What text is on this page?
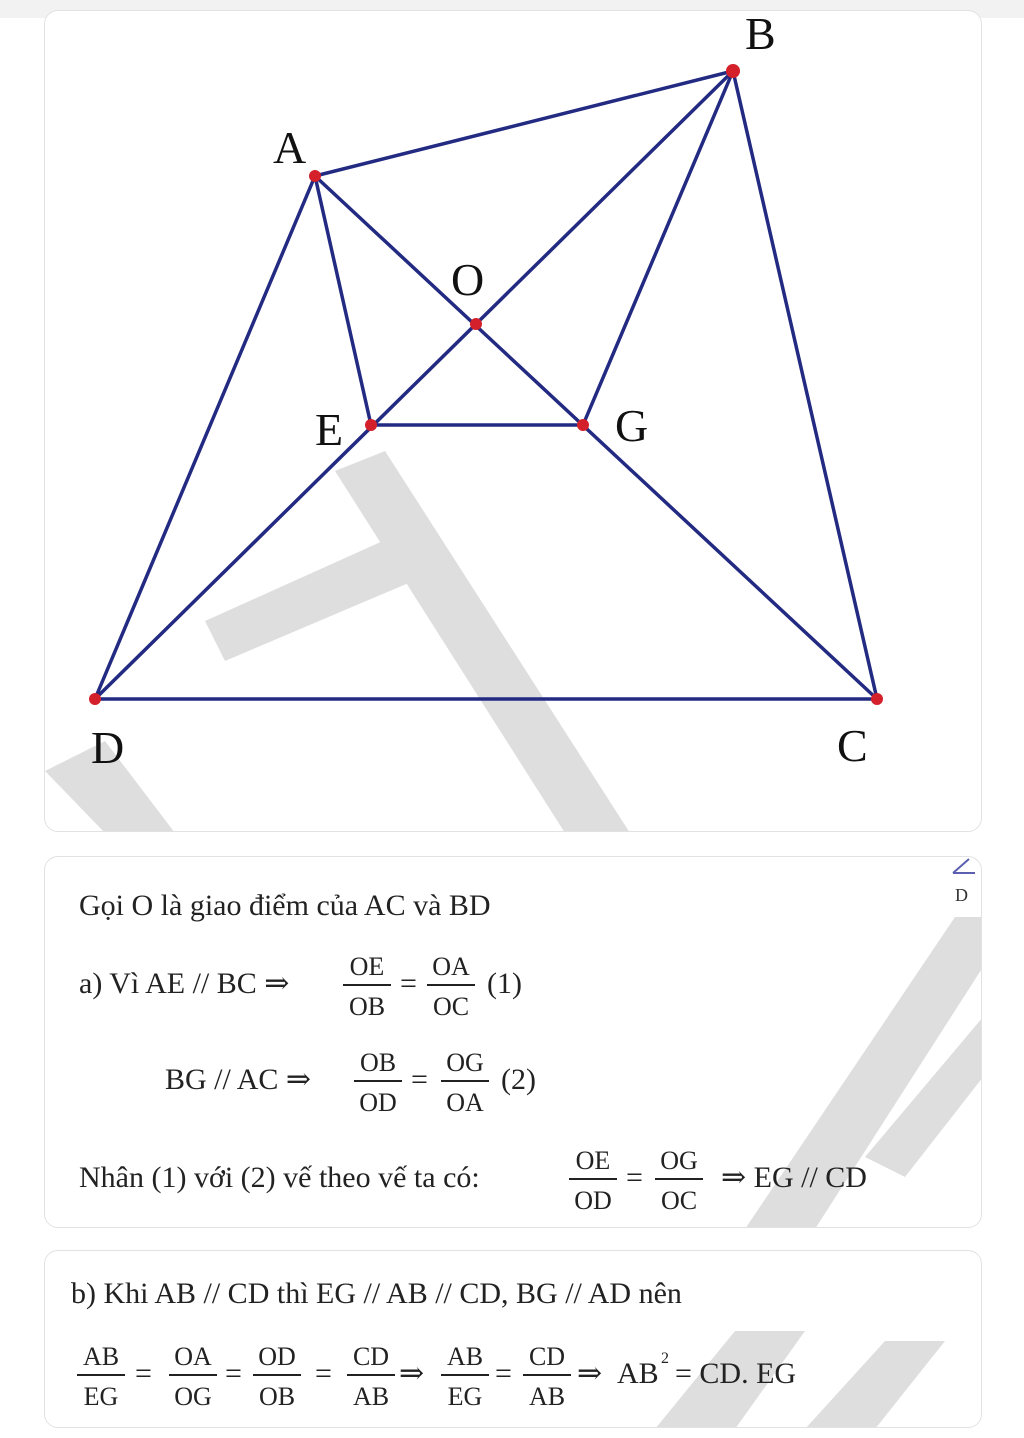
A
B
C
D
E	G
O
D
Gọi O là giao điểm của AC và BD
a) Vì AE // BC ⇒
OE
OB
=
OA
OC
(1)
BG // AC ⇒
OB
OD
=
OG
OA
(2)
Nhân (1) với (2) vế theo vế ta có:
OE
OD
=
OG
OC
⇒ EG // CD
b) Khi AB // CD thì EG // AB // CD, BG // AD nên
AB
EG
=
OA
OG
=
OD
OB
=
CD
AB
⇒
AB
EG
=
CD
AB
⇒ AB 2 = CD. EG
